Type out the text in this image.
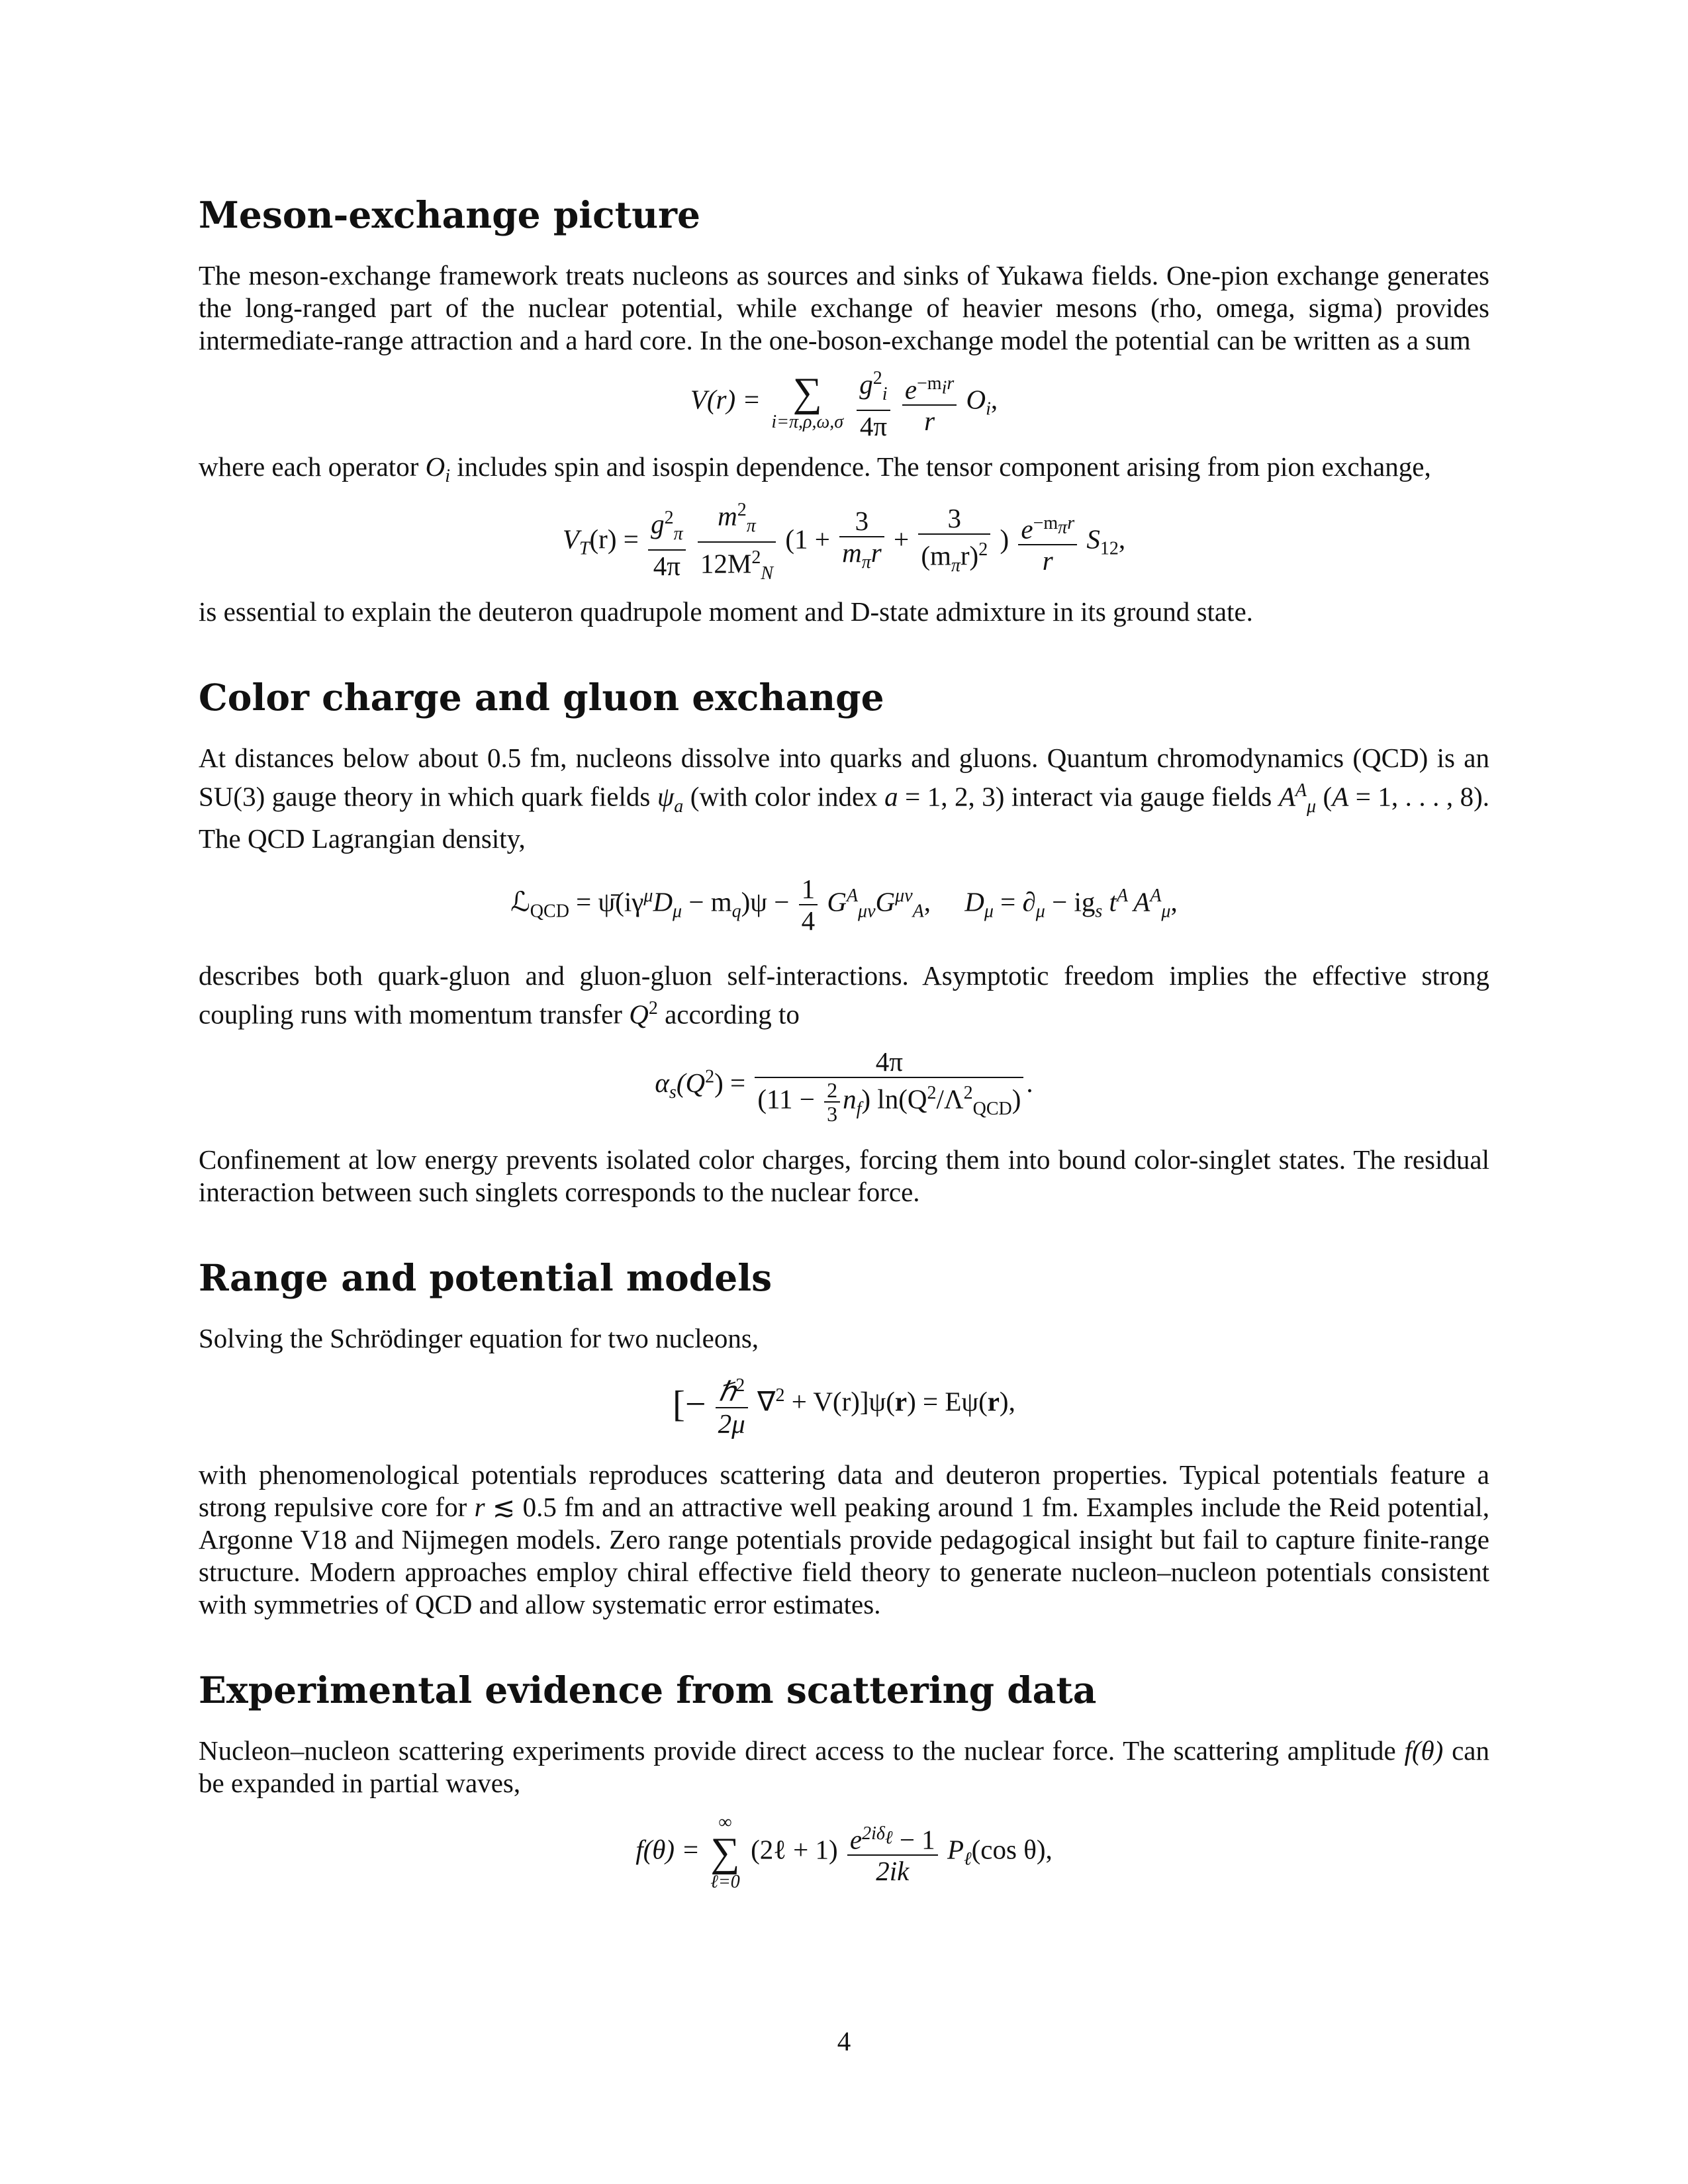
Meson-exchange picture

The meson-exchange framework treats nucleons as sources and sinks of Yukawa fields. One-pion exchange generates the long-ranged part of the nuclear potential, while exchange of heavier mesons (rho, omega, sigma) provides intermediate-range attraction and a hard core. In the one-boson-exchange model the potential can be written as a sum

V(r) = ∑
i=π,ρ,ω,σ
$\frac{g^2_i}{4\pi}$
$\frac{e^{-m_ir}}{r} O_i$,

where each operator $O_i$ includes spin and isospin dependence. The tensor component arising from pion exchange,

$V_T(r) = \frac{g^2_\pi}{4\pi}$
$\frac{m^2_\pi}{12M^2_N} (1 + \frac{3}{m_\pi r} + \frac{3}{(m_\pi r)^2}$ ) $\frac{e^{-m_\pi r}}{r} S_{12}$,

is essential to explain the deuteron quadrupole moment and D-state admixture in its ground state.

Color charge and gluon exchange

At distances below about 0.5 fm, nucleons dissolve into quarks and gluons. Quantum chromodynamics (QCD) is an SU(3) gauge theory in which quark fields $\psi_a$ (with color index a = 1, 2, 3) interact via gauge fields $A^A_\mu$ (A = 1, . . . , 8). The QCD Lagrangian density,

ℒ$_{QCD}$ = $\psī(i\gamma^\mu D_\mu - m_q)\psi - \frac{1}{4} G^A_{\mu\nu}G^{\mu\nu}_A$, $D_\mu = \partial_\mu - ig_s$ $t^A$  $A^A_\mu$,

describes both quark-gluon and gluon-gluon self-interactions. Asymptotic freedom implies the effective strong coupling runs with momentum transfer $Q^2$ according to

$\alpha_s(Q^2) = \frac{4\pi}{(11 - \frac{2}{3} n_f) \ln(Q^2/\Lambda^2_{QCD})}$ .

Confinement at low energy prevents isolated color charges, forcing them into bound color-singlet states. The residual interaction between such singlets corresponds to the nuclear force.

Range and potential models

Solving the Schrödinger equation for two nucleons,

[− $\frac{\hbar^2}{2\mu} \nabla^2 + V(r)]\psi(r) = E\psi(r)$,

with phenomenological potentials reproduces scattering data and deuteron properties. Typical potentials feature a strong repulsive core for r ≲ 0.5 fm and an attractive well peaking around 1 fm. Examples include the Reid potential, Argonne V18 and Nijmegen models. Zero range potentials provide pedagogical insight but fail to capture finite-range structure. Modern approaches employ chiral effective field theory to generate nucleon–nucleon potentials consistent with symmetries of QCD and allow systematic error estimates.

Experimental evidence from scattering data

Nucleon–nucleon scattering experiments provide direct access to the nuclear force. The scattering amplitude f(θ) can be expanded in partial waves,

f(θ) =
∞
∑
ℓ=0
(2ℓ + $1) \frac{e^{2i\delta_\ell} - 1}{2ik} P_\ell(\cos$ θ),
4
